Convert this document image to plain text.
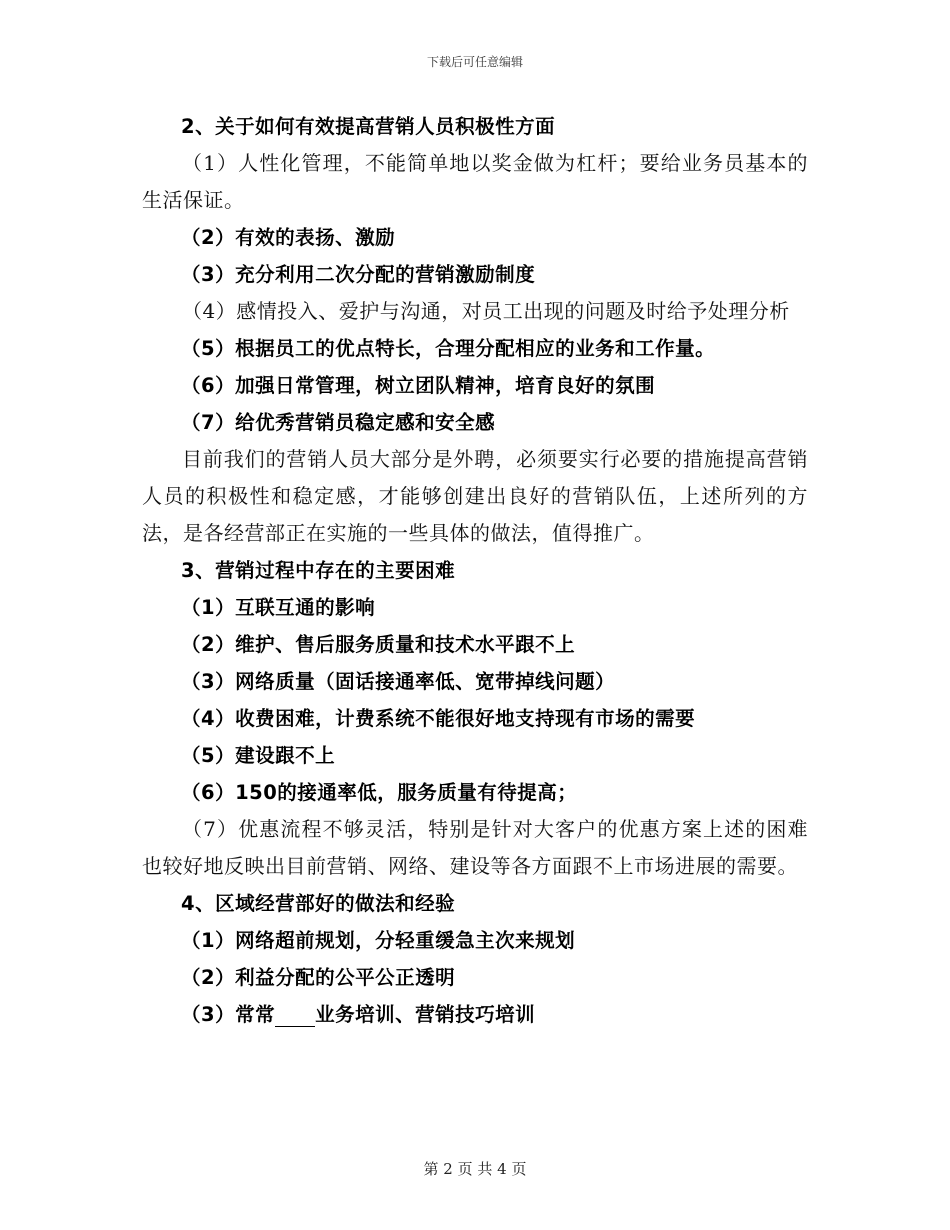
下载后可任意编辑

2、关于如何有效提高营销人员积极性方面

（1）人性化管理，不能简单地以奖金做为杠杆；要给业务员基本的生活保证。

（2）有效的表扬、激励

（3）充分利用二次分配的营销激励制度

（4）感情投入、爱护与沟通，对员工出现的问题及时给予处理分析

（5）根据员工的优点特长，合理分配相应的业务和工作量。

（6）加强日常管理，树立团队精神，培育良好的氛围

（7）给优秀营销员稳定感和安全感

目前我们的营销人员大部分是外聘，必须要实行必要的措施提高营销人员的积极性和稳定感，才能够创建出良好的营销队伍，上述所列的方法，是各经营部正在实施的一些具体的做法，值得推广。

3、营销过程中存在的主要困难

（1）互联互通的影响

（2）维护、售后服务质量和技术水平跟不上

（3）网络质量（固话接通率低、宽带掉线问题）

（4）收费困难，计费系统不能很好地支持现有市场的需要

（5）建设跟不上

（6）150的接通率低，服务质量有待提高；

（7）优惠流程不够灵活，特别是针对大客户的优惠方案上述的困难也较好地反映出目前营销、网络、建设等各方面跟不上市场进展的需要。

4、区域经营部好的做法和经验

（1）网络超前规划，分轻重缓急主次来规划

（2）利益分配的公平公正透明

（3）常常 业务培训、营销技巧培训

第 2 页 共 4 页
